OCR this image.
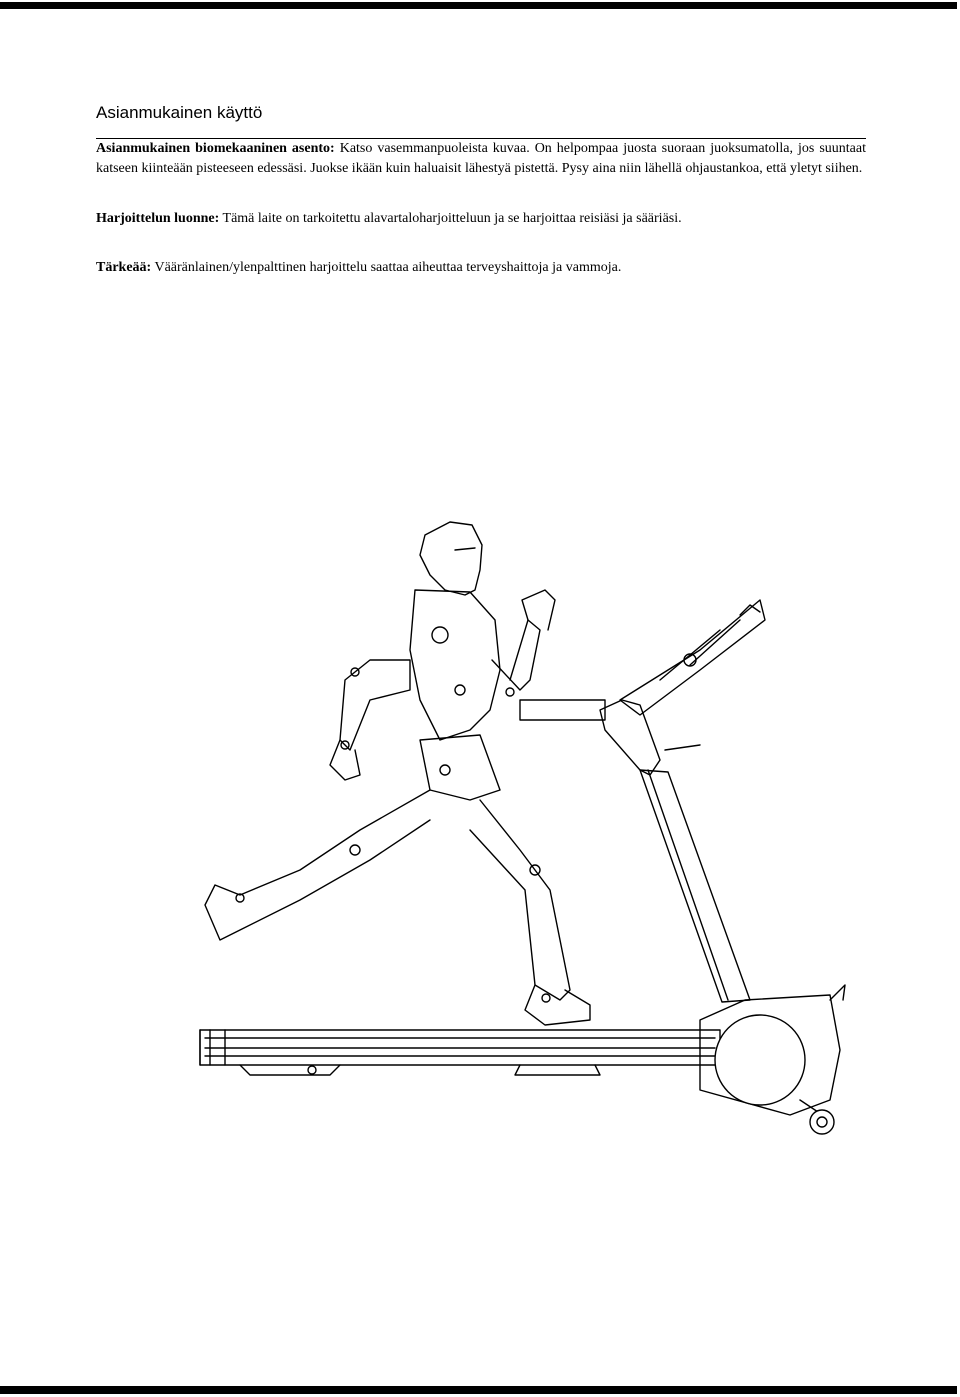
Asianmukainen käyttö

Asianmukainen biomekaaninen asento: Katso vasemmanpuoleista kuvaa. On helpompaa juosta suoraan juoksumatolla, jos suuntaat katseen kiinteään pisteeseen edessäsi. Juokse ikään kuin haluaisit lähestyä pistettä. Pysy aina niin lähellä ohjaustankoa, että yletyt siihen.

Harjoittelun luonne: Tämä laite on tarkoitettu alavartaloharjoitteluun ja se harjoittaa reisiäsi ja sääriäsi.

Tärkeää: Vääränlainen/ylenpalttinen harjoittelu saattaa aiheuttaa terveyshaittoja ja vammoja.
